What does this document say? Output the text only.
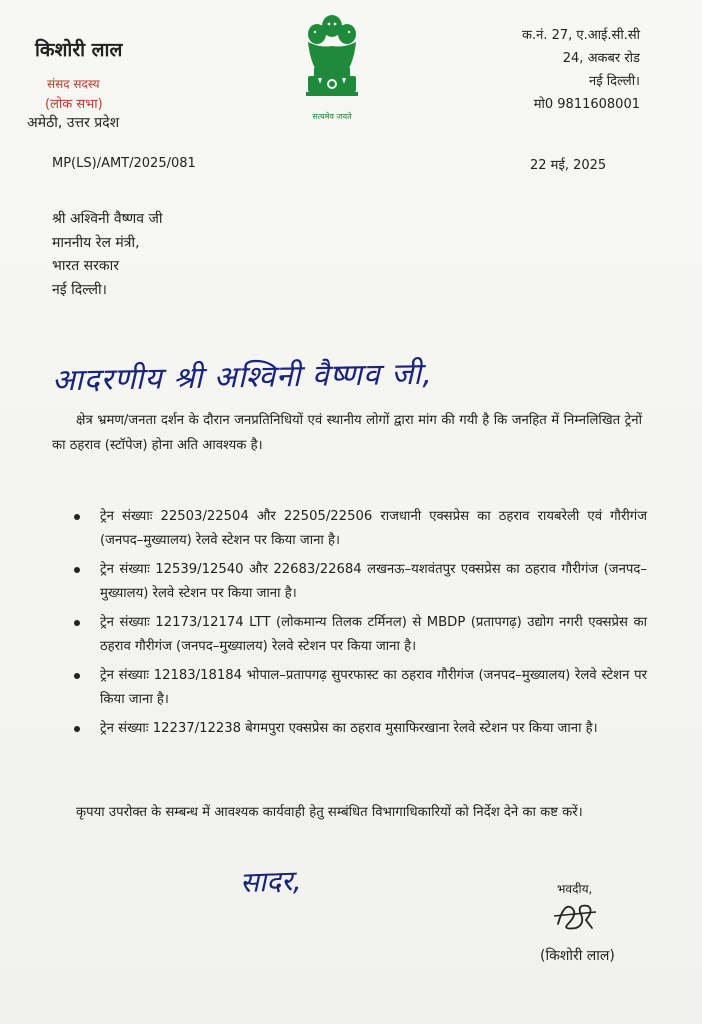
किशोरी लाल
संसद सदस्य
(लोक सभा)
अमेठी, उत्तर प्रदेश	सत्यमेव जयते
क.नं. 27, ए.आई.सी.सी
24, अकबर रोड
नई दिल्ली।
मो0 9811608001
MP(LS)/AMT/2025/081	22 मई, 2025
श्री अश्विनी वैष्णव जी
माननीय रेल मंत्री,
भारत सरकार
नई दिल्ली।
आदरणीय श्री अश्विनी वैष्णव जी,
क्षेत्र भ्रमण/जनता दर्शन के दौरान जनप्रतिनिधियों एवं स्थानीय लोगों द्वारा मांग की गयी है कि जनहित में निम्नलिखित ट्रेनों का ठहराव (स्टॉपेज) होना अति आवश्यक है।
ट्रेन संख्याः 22503/22504 और 22505/22506 राजधानी एक्सप्रेस का ठहराव रायबरेली एवं गौरीगंज (जनपद–मुख्यालय) रेलवे स्टेशन पर किया जाना है।
ट्रेन संख्याः 12539/12540 और 22683/22684 लखनऊ–यशवंतपुर एक्सप्रेस का ठहराव गौरीगंज (जनपद–मुख्यालय) रेलवे स्टेशन पर किया जाना है।
ट्रेन संख्याः 12173/12174 LTT (लोकमान्य तिलक टर्मिनल) से MBDP (प्रतापगढ़) उद्योग नगरी एक्सप्रेस का ठहराव गौरीगंज (जनपद–मुख्यालय) रेलवे स्टेशन पर किया जाना है।
ट्रेन संख्याः 12183/18184 भोपाल–प्रतापगढ़ सुपरफास्ट का ठहराव गौरीगंज (जनपद–मुख्यालय) रेलवे स्टेशन पर किया जाना है।
ट्रेन संख्याः 12237/12238 बेगमपुरा एक्सप्रेस का ठहराव मुसाफिरखाना रेलवे स्टेशन पर किया जाना है।
कृपया उपरोक्त के सम्बन्ध में आवश्यक कार्यवाही हेतु सम्बंधित विभागाधिकारियों को निर्देश देने का कष्ट करें।
सादर,	भवदीय,
(किशोरी लाल)
